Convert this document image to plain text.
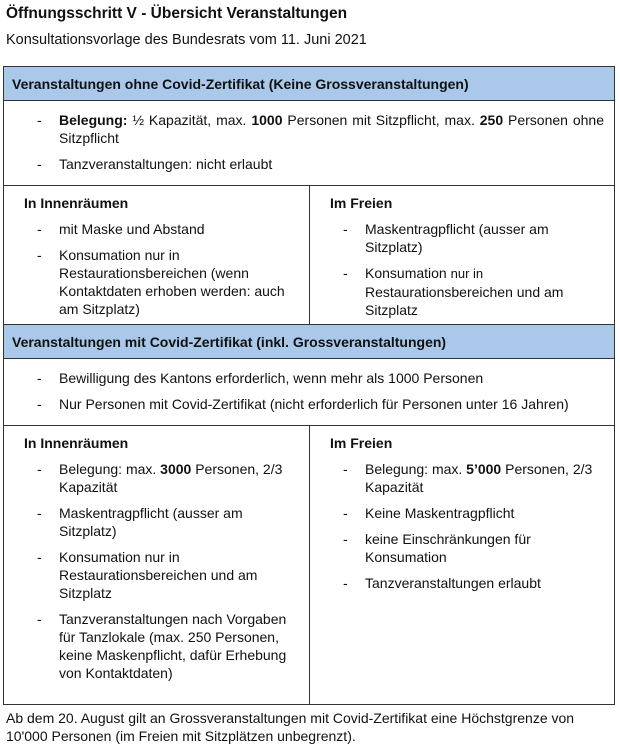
Öffnungsschritt V - Übersicht Veranstaltungen
Konsultationsvorlage des Bundesrats vom 11. Juni 2021
Veranstaltungen ohne Covid-Zertifikat (Keine Grossveranstaltungen)
- Belegung: ½ Kapazität, max. 1000 Personen mit Sitzpflicht, max. 250 Personen ohne Sitzpflicht
- Tanzveranstaltungen: nicht erlaubt
In Innenräumen
- mit Maske und Abstand
- Konsumation nur in Restaurationsbereichen (wenn Kontaktdaten erhoben werden: auch am Sitzplatz)
Im Freien
- Maskentragpflicht (ausser am Sitzplatz)
- Konsumation nur in Restaurationsbereichen und am Sitzplatz
Veranstaltungen mit Covid-Zertifikat (inkl. Grossveranstaltungen)
- Bewilligung des Kantons erforderlich, wenn mehr als 1000 Personen
- Nur Personen mit Covid-Zertifikat (nicht erforderlich für Personen unter 16 Jahren)
In Innenräumen
- Belegung: max. 3000 Personen, 2/3 Kapazität
- Maskentragpflicht (ausser am Sitzplatz)
- Konsumation nur in Restaurationsbereichen und am Sitzplatz
- Tanzveranstaltungen nach Vorgaben für Tanzlokale (max. 250 Personen, keine Maskenpflicht, dafür Erhebung von Kontaktdaten)
Im Freien
- Belegung: max. 5’000 Personen, 2/3 Kapazität
- Keine Maskentragpflicht
- keine Einschränkungen für Konsumation
- Tanzveranstaltungen erlaubt
Ab dem 20. August gilt an Grossveranstaltungen mit Covid-Zertifikat eine Höchstgrenze von 10'000 Personen (im Freien mit Sitzplätzen unbegrenzt).
